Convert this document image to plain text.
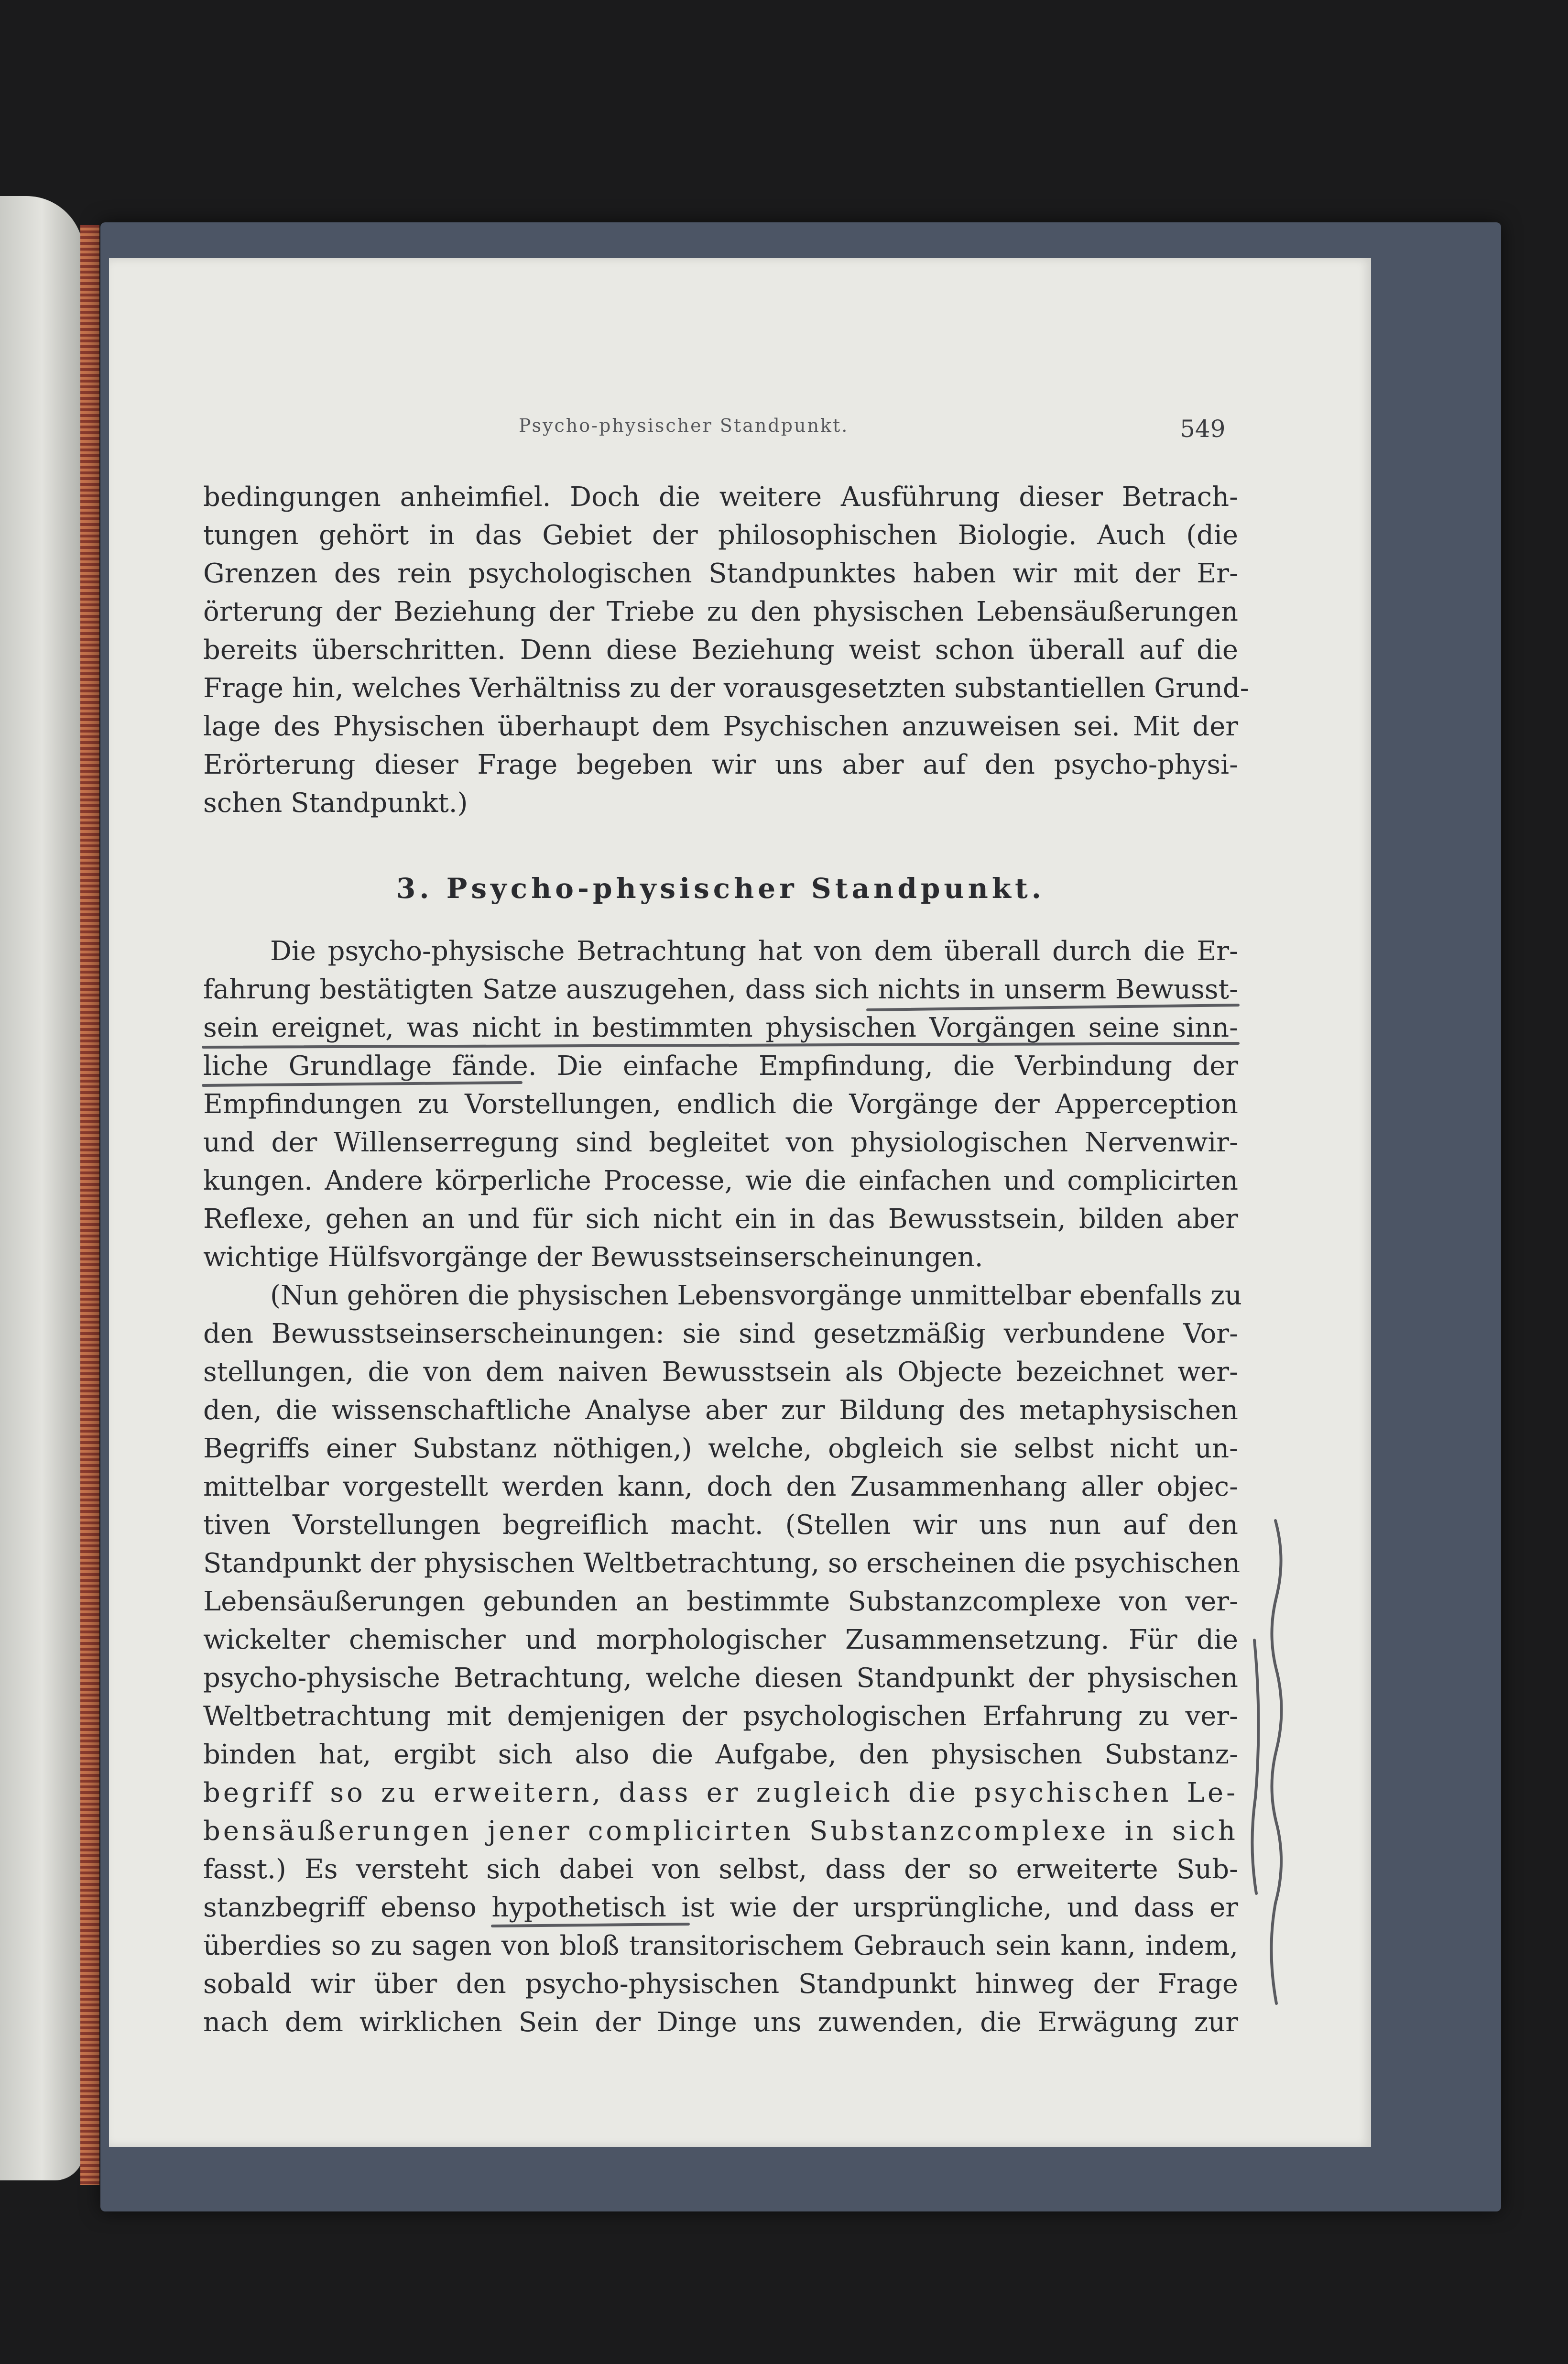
Psycho-physischer Standpunkt.	549

bedingungen anheimfiel. Doch die weitere Ausführung dieser Betrach-

tungen gehört in das Gebiet der philosophischen Biologie. Auch (die

Grenzen des rein psychologischen Standpunktes haben wir mit der Er-

örterung der Beziehung der Triebe zu den physischen Lebensäußerungen

bereits überschritten. Denn diese Beziehung weist schon überall auf die

Frage hin, welches Verhältniss zu der vorausgesetzten substantiellen Grund-

lage des Physischen überhaupt dem Psychischen anzuweisen sei. Mit der

Erörterung dieser Frage begeben wir uns aber auf den psycho-physi-

schen Standpunkt.)

3. Psycho-physischer Standpunkt.

Die psycho-physische Betrachtung hat von dem überall durch die Er-

fahrung bestätigten Satze auszugehen, dass sich nichts in unserm Bewusst-

sein ereignet, was nicht in bestimmten physischen Vorgängen seine sinn-

liche Grundlage fände. Die einfache Empfindung, die Verbindung der

Empfindungen zu Vorstellungen, endlich die Vorgänge der Apperception

und der Willenserregung sind begleitet von physiologischen Nervenwir-

kungen. Andere körperliche Processe, wie die einfachen und complicirten

Reflexe, gehen an und für sich nicht ein in das Bewusstsein, bilden aber

wichtige Hülfsvorgänge der Bewusstseinserscheinungen.

(Nun gehören die physischen Lebensvorgänge unmittelbar ebenfalls zu

den Bewusstseinserscheinungen: sie sind gesetzmäßig verbundene Vor-

stellungen, die von dem naiven Bewusstsein als Objecte bezeichnet wer-

den, die wissenschaftliche Analyse aber zur Bildung des metaphysischen

Begriffs einer Substanz nöthigen,) welche, obgleich sie selbst nicht un-

mittelbar vorgestellt werden kann, doch den Zusammenhang aller objec-

tiven Vorstellungen begreiflich macht. (Stellen wir uns nun auf den

Standpunkt der physischen Weltbetrachtung, so erscheinen die psychischen

Lebensäußerungen gebunden an bestimmte Substanzcomplexe von ver-

wickelter chemischer und morphologischer Zusammensetzung. Für die

psycho-physische Betrachtung, welche diesen Standpunkt der physischen

Weltbetrachtung mit demjenigen der psychologischen Erfahrung zu ver-

binden hat, ergibt sich also die Aufgabe, den physischen Substanz-

begriff so zu erweitern, dass er zugleich die psychischen Le-

bensäußerungen jener complicirten Substanzcomplexe in sich

fasst.) Es versteht sich dabei von selbst, dass der so erweiterte Sub-

stanzbegriff ebenso hypothetisch ist wie der ursprüngliche, und dass er

überdies so zu sagen von bloß transitorischem Gebrauch sein kann, indem,

sobald wir über den psycho-physischen Standpunkt hinweg der Frage

nach dem wirklichen Sein der Dinge uns zuwenden, die Erwägung zur
